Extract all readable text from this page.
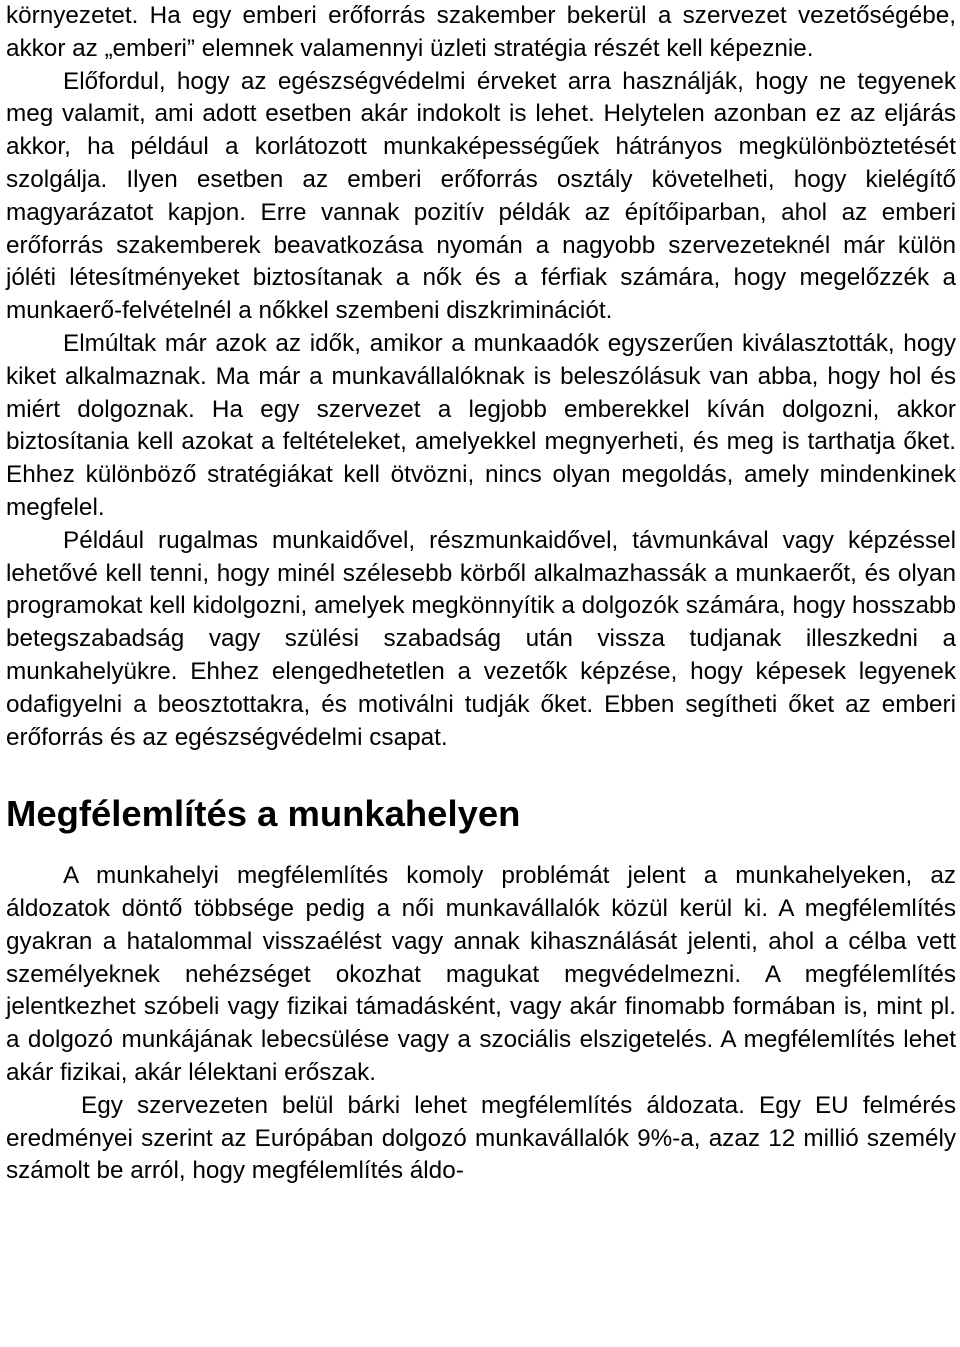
környezetet. Ha egy emberi erőforrás szakember bekerül a szervezet vezetőségébe, akkor az „emberi” elemnek valamennyi üzleti stratégia részét kell képeznie.

Előfordul, hogy az egészségvédelmi érveket arra használják, hogy ne tegyenek meg valamit, ami adott esetben akár indokolt is lehet. Helytelen azonban ez az eljárás akkor, ha például a korlátozott munkaképességűek hátrányos megkülönböztetését szolgálja. Ilyen esetben az emberi erőforrás osztály követelheti, hogy kielégítő magyarázatot kapjon. Erre vannak pozitív példák az építőiparban, ahol az emberi erőforrás szakemberek beavatkozása nyomán a nagyobb szervezeteknél már külön jóléti létesítményeket biztosítanak a nők és a férfiak számára, hogy megelőzzék a munkaerő-felvételnél a nőkkel szembeni diszkriminációt.

Elmúltak már azok az idők, amikor a munkaadók egyszerűen kiválasztották, hogy kiket alkalmaznak. Ma már a munkavállalóknak is beleszólásuk van abba, hogy hol és miért dolgoznak. Ha egy szervezet a legjobb emberekkel kíván dolgozni, akkor biztosítania kell azokat a feltételeket, amelyekkel megnyerheti, és meg is tarthatja őket. Ehhez különböző stratégiákat kell ötvözni, nincs olyan megoldás, amely mindenkinek megfelel.

Például rugalmas munkaidővel, részmunkaidővel, távmunkával vagy képzéssel lehetővé kell tenni, hogy minél szélesebb körből alkalmazhassák a munkaerőt, és olyan programokat kell kidolgozni, amelyek megkönnyítik a dolgozók számára, hogy hosszabb betegszabadság vagy szülési szabadság után vissza tudjanak illeszkedni a munkahelyükre. Ehhez elengedhetetlen a vezetők képzése, hogy képesek legyenek odafigyelni a beosztottakra, és motiválni tudják őket. Ebben segítheti őket az emberi erőforrás és az egészségvédelmi csapat.

Megfélemlítés a munkahelyen

A munkahelyi megfélemlítés komoly problémát jelent a munkahelyeken, az áldozatok döntő többsége pedig a női munkavállalók közül kerül ki. A megfélemlítés gyakran a hatalommal visszaélést vagy annak kihasználását jelenti, ahol a célba vett személyeknek nehézséget okozhat magukat megvédelmezni. A megfélemlítés jelentkezhet szóbeli vagy fizikai támadásként, vagy akár finomabb formában is, mint pl. a dolgozó munkájának lebecsülése vagy a szociális elszigetelés. A megfélemlítés lehet akár fizikai, akár lélektani erőszak.

Egy szervezeten belül bárki lehet megfélemlítés áldozata. Egy EU felmérés eredményei szerint az Európában dolgozó munkavállalók 9%-a, azaz 12 millió személy számolt be arról, hogy megfélemlítés áldo-
